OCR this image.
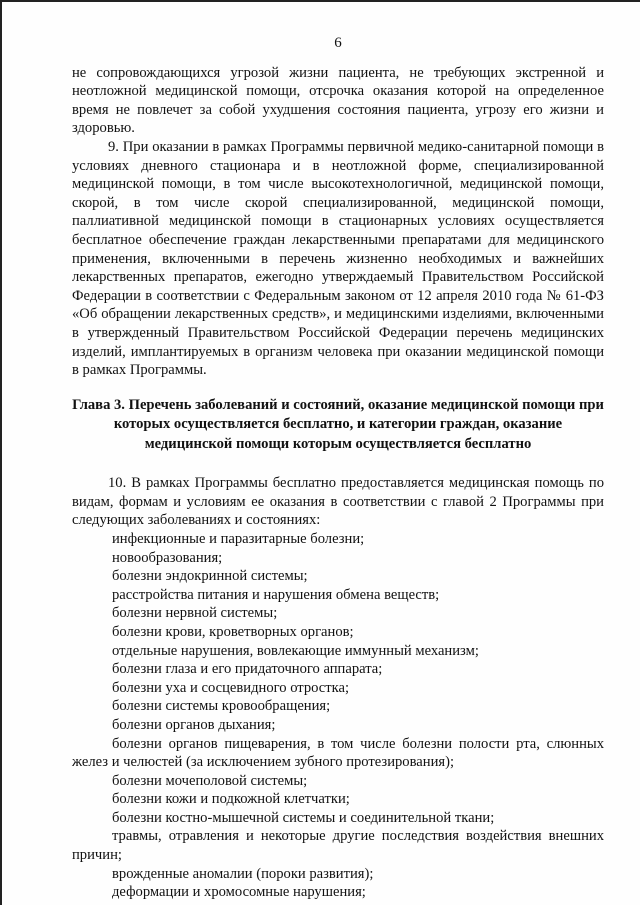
6

не сопровождающихся угрозой жизни пациента, не требующих экстренной и неотложной медицинской помощи, отсрочка оказания которой на определенное время не повлечет за собой ухудшения состояния пациента, угрозу его жизни и здоровью.

9. При оказании в рамках Программы первичной медико-санитарной помощи в условиях дневного стационара и в неотложной форме, специализированной медицинской помощи, в том числе высокотехнологичной, медицинской помощи, скорой, в том числе скорой специализированной, медицинской помощи, паллиативной медицинской помощи в стационарных условиях осуществляется бесплатное обеспечение граждан лекарственными препаратами для медицинского применения, включенными в перечень жизненно необходимых и важнейших лекарственных препаратов, ежегодно утверждаемый Правительством Российской Федерации в соответствии с Федеральным законом от 12 апреля 2010 года № 61-ФЗ «Об обращении лекарственных средств», и медицинскими изделиями, включенными в утвержденный Правительством Российской Федерации перечень медицинских изделий, имплантируемых в организм человека при оказании медицинской помощи в рамках Программы.

Глава 3. Перечень заболеваний и состояний, оказание медицинской помощи при которых осуществляется бесплатно, и категории граждан, оказание медицинской помощи которым осуществляется бесплатно

10. В рамках Программы бесплатно предоставляется медицинская помощь по видам, формам и условиям ее оказания в соответствии с главой 2 Программы при следующих заболеваниях и состояниях:

инфекционные и паразитарные болезни;
новообразования;
болезни эндокринной системы;
расстройства питания и нарушения обмена веществ;
болезни нервной системы;
болезни крови, кроветворных органов;
отдельные нарушения, вовлекающие иммунный механизм;
болезни глаза и его придаточного аппарата;
болезни уха и сосцевидного отростка;
болезни системы кровообращения;
болезни органов дыхания;
болезни органов пищеварения, в том числе болезни полости рта, слюнных желез и челюстей (за исключением зубного протезирования);
болезни мочеполовой системы;
болезни кожи и подкожной клетчатки;
болезни костно-мышечной системы и соединительной ткани;
травмы, отравления и некоторые другие последствия воздействия внешних причин;
врожденные аномалии (пороки развития);
деформации и хромосомные нарушения;
